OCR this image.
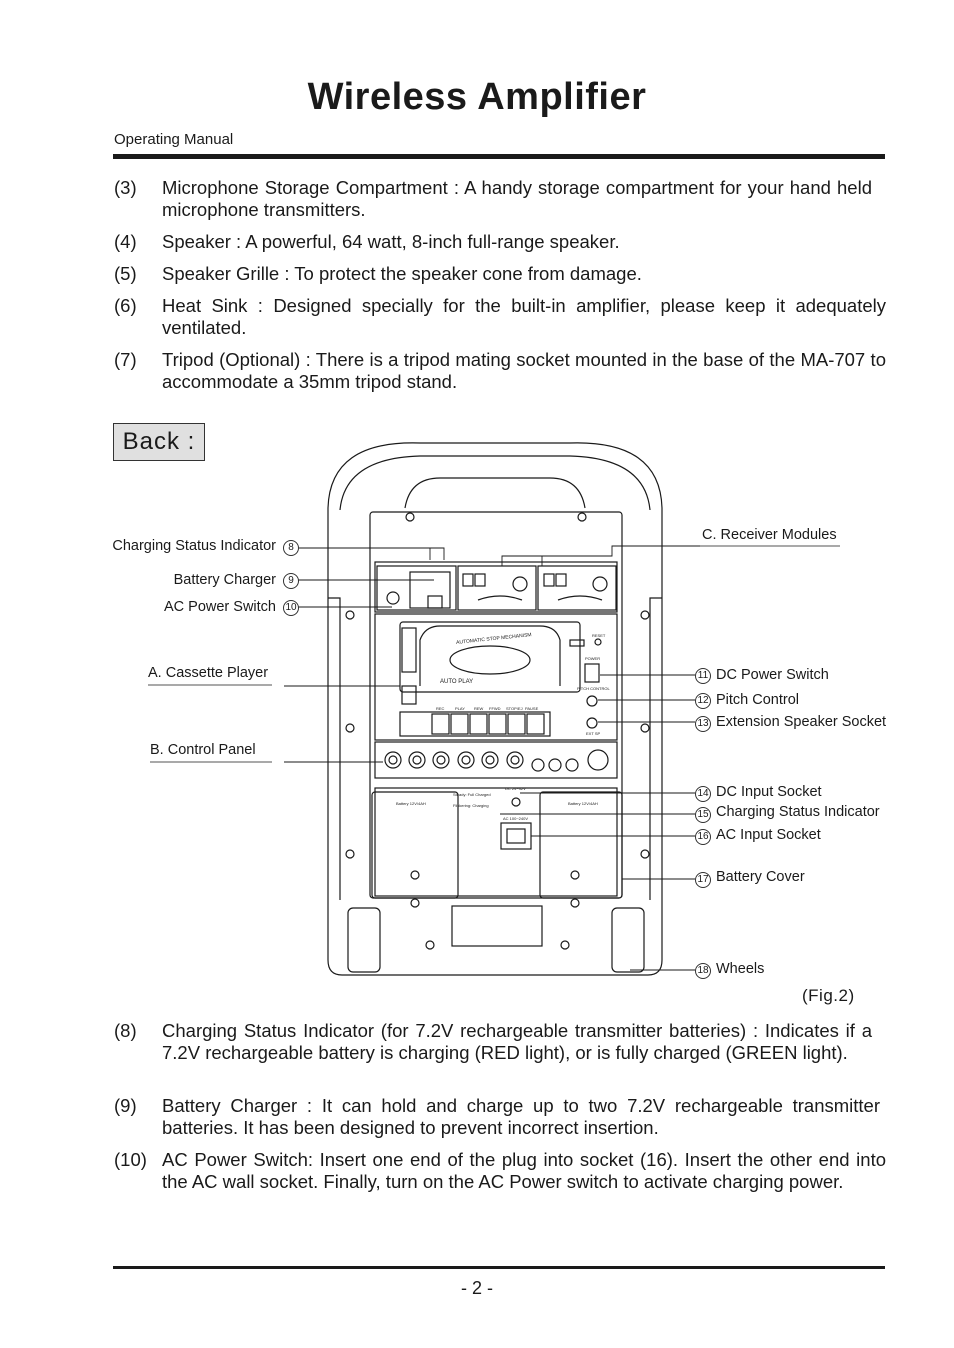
Wireless Amplifier
Operating Manual
(3) Microphone Storage Compartment : A handy storage compartment for your hand held microphone transmitters.
(4) Speaker : A powerful, 64 watt, 8-inch full-range speaker.
(5) Speaker Grille : To protect the speaker cone from damage.
(6) Heat Sink : Designed specially for the built-in amplifier, please keep it adequately ventilated.
(7) Tripod (Optional) : There is a tripod mating socket mounted in the base of the MA-707 to accommodate a 35mm tripod stand.
Back :
AUTOMATIC STOP MECHANISM
AUTO PLAY
RESET
POWER
PITCH CONTROL
EXT SP
REC	PLAY REW FFWD STOP/EJ PAUSE
Battery 12V/4AH	Battery 12V/4AH
Steady: Full Charged
Flickering: Charging
DC 24~32V
AC 100~240V
Charging Status Indicator	8
Battery Charger	9
AC Power Switch 10
A. Cassette Player
B. Control Panel
C. Receiver Modules
11 DC Power Switch
12 Pitch Control
13 Extension Speaker Socket
14 DC Input Socket
15 Charging Status Indicator
16 AC Input Socket
17 Battery Cover
18 Wheels
(Fig.2)
(8) Charging Status Indicator (for 7.2V rechargeable transmitter batteries) : Indicates if a 7.2V rechargeable battery is charging (RED light), or is fully charged (GREEN light).
(9) Battery Charger : It can hold and charge up to two 7.2V rechargeable transmitter batteries. It has been designed to prevent incorrect insertion.
(10) AC Power Switch: Insert one end of the plug into socket (16). Insert the other end into the AC wall socket. Finally, turn on the AC Power switch to activate charging power.
- 2 -
